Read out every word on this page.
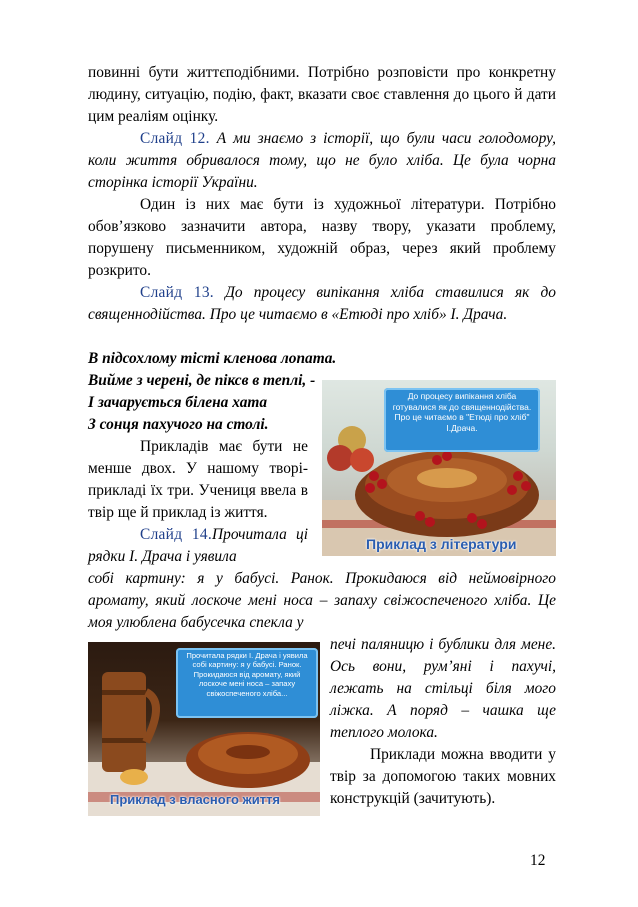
повинні бути життєподібними. Потрібно розповісти про конкретну людину, ситуацію, подію, факт, вказати своє ставлення до цього й дати цим реаліям оцінку.

Слайд 12. А ми знаємо з історії, що були часи голодомору, коли життя обривалося тому, що не було хліба. Це була чорна сторінка історії України.

Один із них має бути із художньої літератури. Потрібно обов’язково зазначити автора, назву твору, указати проблему, порушену письменником, художній образ, через який проблему розкрито.

Слайд 13. До процесу випікання хліба ставилися як до священнодійства. Про це читаємо в «Етюді про хліб» І. Драча.

В підсохлому тісті кленова лопата.
Вийме з черені, де піксв в теплі, -
І зачарується білена хата
З сонця пахучого на столі.

Прикладів має бути не менше двох. У нашому творі-прикладі їх три. Учениця ввела в твір ще й приклад із життя.

Слайд 14.Прочитала ці рядки І. Драча і уявила

собі картину: я у бабусі. Ранок. Прокидаюся від неймовірного аромату, який лоскоче мені носа – запаху свіжоспеченого хліба. Це моя улюблена бабусечка спекла у

печі паляницю і бублики для мене. Ось вони, рум’яні і пахучі, лежать на стільці біля мого ліжка. А поряд – чашка ще теплого молока.

Приклади можна вводити у твір за допомогою таких мовних конструкцій (зачитують).

До процесу випікання хліба готувалися як до священнодійства. Про це читаємо в "Етюді про хліб" І.Драча.
Приклад з літератури
Прочитала рядки І. Драча і уявила собі картину: я у бабусі. Ранок. Прокидаюся від аромату, який лоскоче мені носа – запаху свіжоспеченого хліба...
Приклад з власного життя
12
